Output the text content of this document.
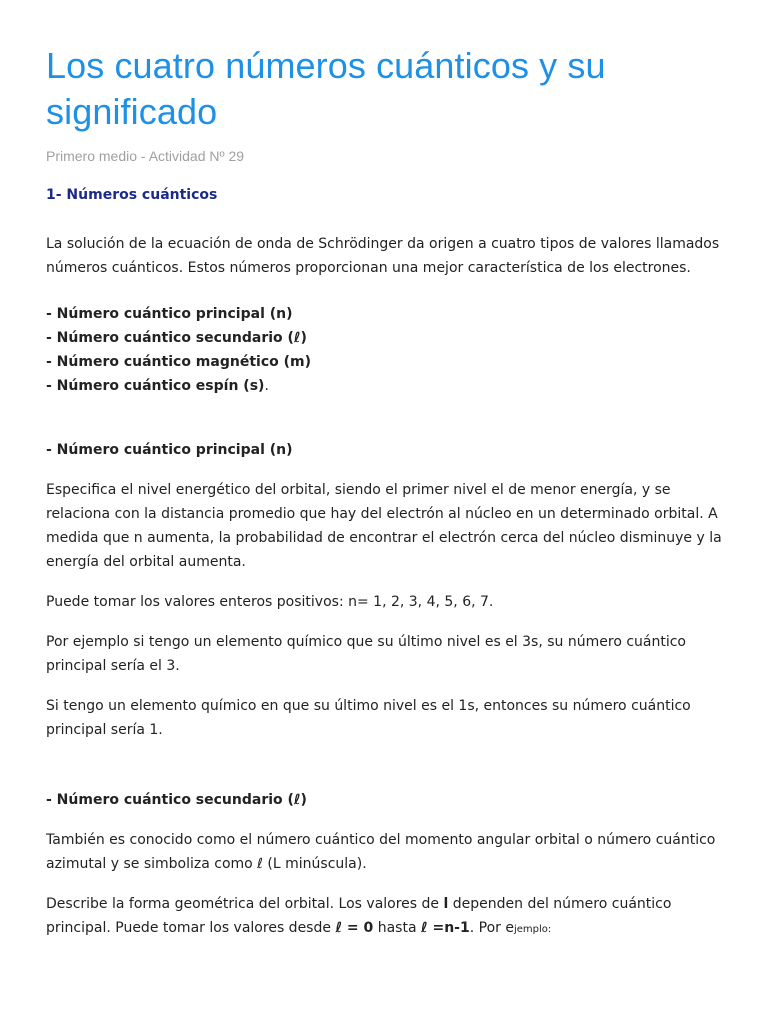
Los cuatro números cuánticos y su significado
Primero medio - Actividad Nº 29
1- Números cuánticos

La solución de la ecuación de onda de Schrödinger da origen a cuatro tipos de valores llamados números cuánticos. Estos números proporcionan una mejor característica de los electrones.

- Número cuántico principal (n)
- Número cuántico secundario (ℓ)
- Número cuántico magnético (m)
- Número cuántico espín (s).
- Número cuántico principal (n)

Especifica el nivel energético del orbital, siendo el primer nivel el de menor energía, y se relaciona con la distancia promedio que hay del electrón al núcleo en un determinado orbital. A medida que n aumenta, la probabilidad de encontrar el electrón cerca del núcleo disminuye y la energía del orbital aumenta.

Puede tomar los valores enteros positivos: n= 1, 2, 3, 4, 5, 6, 7.

Por ejemplo si tengo un elemento químico que su último nivel es el 3s, su número cuántico principal sería el 3.

Si tengo un elemento químico en que su último nivel es el 1s, entonces su número cuántico principal sería 1.

- Número cuántico secundario (ℓ)

También es conocido como el número cuántico del momento angular orbital o número cuántico azimutal y se simboliza como ℓ (L minúscula).

Describe la forma geométrica del orbital. Los valores de l dependen del número cuántico principal. Puede tomar los valores desde ℓ = 0 hasta ℓ =n-1. Por ejemplo:
